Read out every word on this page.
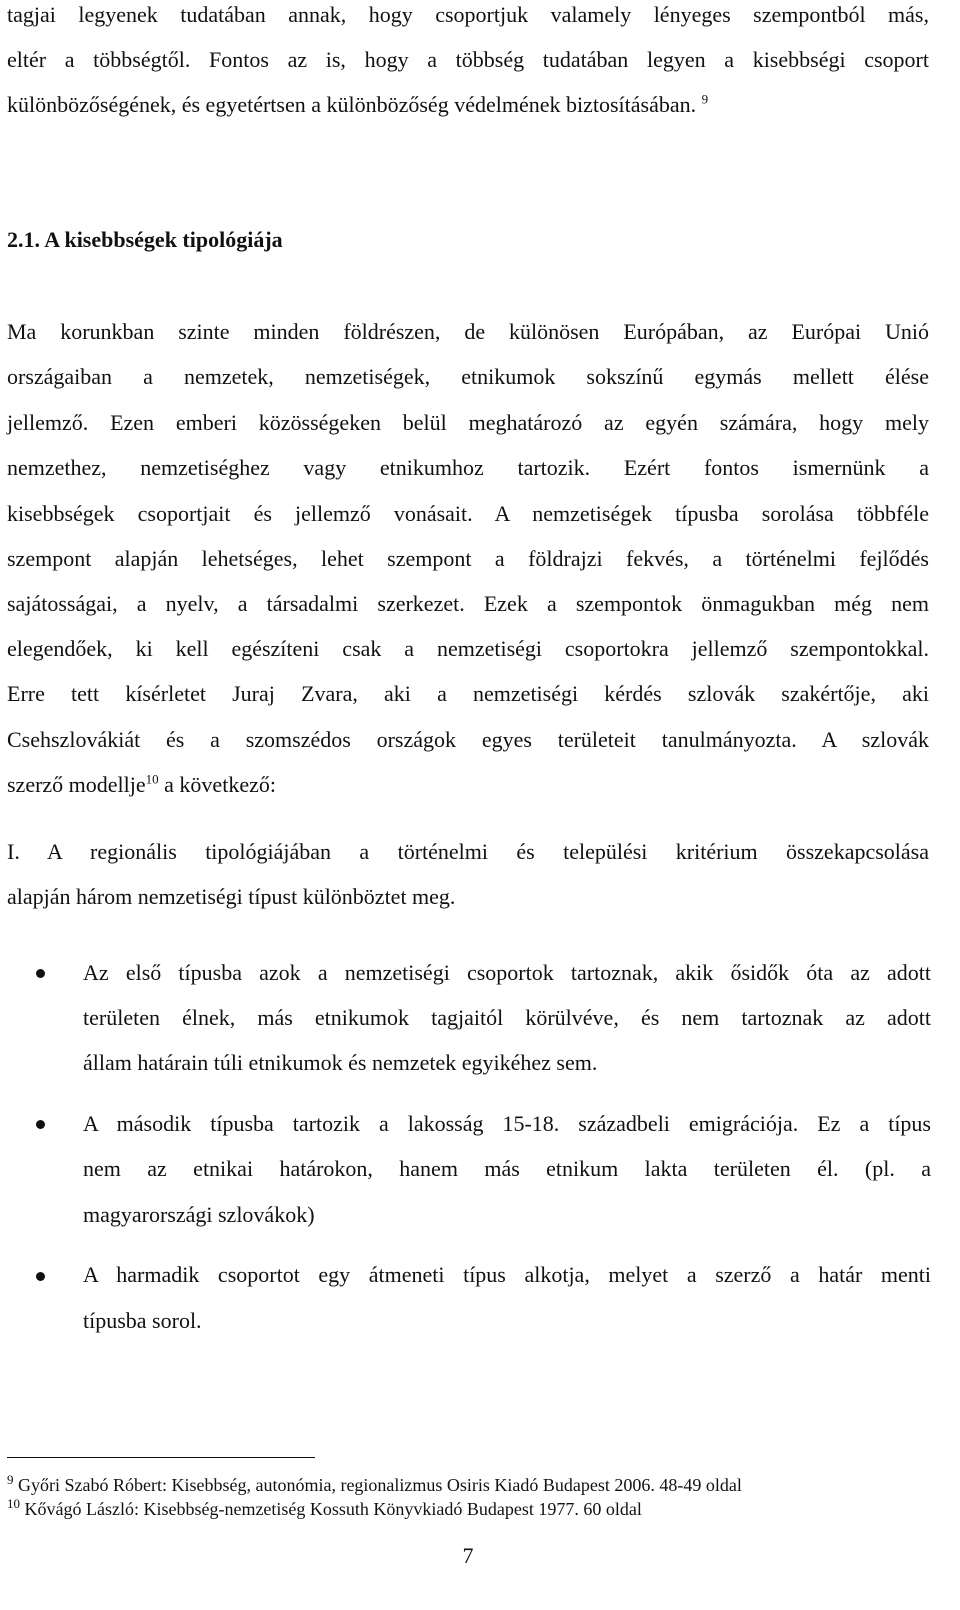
tagjai legyenek tudatában annak, hogy csoportjuk valamely lényeges szempontból más,
eltér a többségtől. Fontos az is, hogy a többség tudatában legyen a kisebbségi csoport
különbözőségének, és egyetértsen a különbözőség védelmének biztosításában. $^9$
2.1. A kisebbségek tipológiája
Ma korunkban szinte minden földrészen, de különösen Európában, az Európai Unió
országaiban a nemzetek, nemzetiségek, etnikumok sokszínű egymás mellett élése
jellemző. Ezen emberi közösségeken belül meghatározó az egyén számára, hogy mely
nemzethez, nemzetiséghez vagy etnikumhoz tartozik. Ezért fontos ismernünk a
kisebbségek csoportjait és jellemző vonásait. A nemzetiségek típusba sorolása többféle
szempont alapján lehetséges, lehet szempont a földrajzi fekvés, a történelmi fejlődés
sajátosságai, a nyelv, a társadalmi szerkezet. Ezek a szempontok önmagukban még nem
elegendőek, ki kell egészíteni csak a nemzetiségi csoportokra jellemző szempontokkal.
Erre tett kísérletet Juraj Zvara, aki a nemzetiségi kérdés szlovák szakértője, aki
Csehszlovákiát és a szomszédos országok egyes területeit tanulmányozta. A szlovák
szerző modellje$^{10}$ a következő:
I. A regionális tipológiájában a történelmi és települési kritérium összekapcsolása
alapján három nemzetiségi típust különböztet meg.
Az első típusba azok a nemzetiségi csoportok tartoznak, akik ősidők óta az adott
területen élnek, más etnikumok tagjaitól körülvéve, és nem tartoznak az adott
állam határain túli etnikumok és nemzetek egyikéhez sem.
A második típusba tartozik a lakosság 15-18. századbeli emigrációja. Ez a típus
nem az etnikai határokon, hanem más etnikum lakta területen él. (pl. a
magyarországi szlovákok)
A harmadik csoportot egy átmeneti típus alkotja, melyet a szerző a határ menti
típusba sorol.
$^9$ Győri Szabó Róbert: Kisebbség, autonómia, regionalizmus Osiris Kiadó Budapest 2006. 48-49 oldal
$^{10}$ Kővágó László: Kisebbség-nemzetiség Kossuth Könyvkiadó Budapest 1977. 60 oldal
7
